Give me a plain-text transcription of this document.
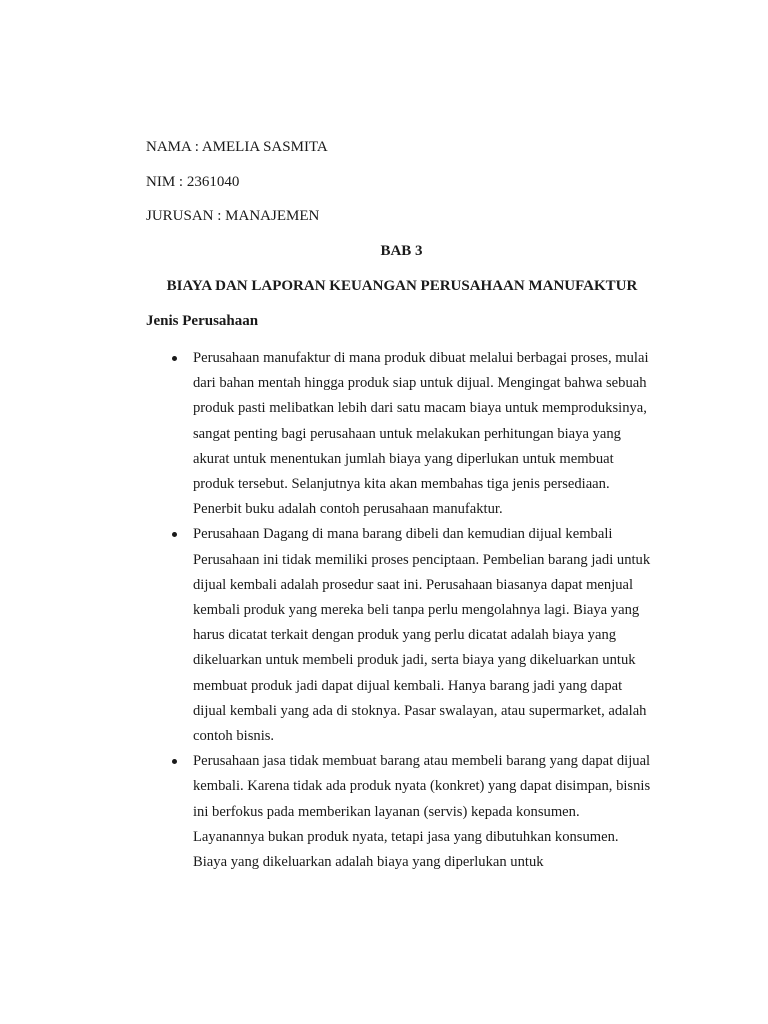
NAMA : AMELIA SASMITA

NIM : 2361040

JURUSAN : MANAJEMEN

BAB 3

BIAYA DAN LAPORAN KEUANGAN PERUSAHAAN MANUFAKTUR

Jenis Perusahaan

Perusahaan manufaktur di mana produk dibuat melalui berbagai proses, mulai dari bahan mentah hingga produk siap untuk dijual. Mengingat bahwa sebuah produk pasti melibatkan lebih dari satu macam biaya untuk memproduksinya, sangat penting bagi perusahaan untuk melakukan perhitungan biaya yang akurat untuk menentukan jumlah biaya yang diperlukan untuk membuat produk tersebut. Selanjutnya kita akan membahas tiga jenis persediaan. Penerbit buku adalah contoh perusahaan manufaktur.
Perusahaan Dagang di mana barang dibeli dan kemudian dijual kembali Perusahaan ini tidak memiliki proses penciptaan. Pembelian barang jadi untuk dijual kembali adalah prosedur saat ini. Perusahaan biasanya dapat menjual kembali produk yang mereka beli tanpa perlu mengolahnya lagi. Biaya yang harus dicatat terkait dengan produk yang perlu dicatat adalah biaya yang dikeluarkan untuk membeli produk jadi, serta biaya yang dikeluarkan untuk membuat produk jadi dapat dijual kembali. Hanya barang jadi yang dapat dijual kembali yang ada di stoknya. Pasar swalayan, atau supermarket, adalah contoh bisnis.
Perusahaan jasa tidak membuat barang atau membeli barang yang dapat dijual kembali. Karena tidak ada produk nyata (konkret) yang dapat disimpan, bisnis ini berfokus pada memberikan layanan (servis) kepada konsumen. Layanannya bukan produk nyata, tetapi jasa yang dibutuhkan konsumen. Biaya yang dikeluarkan adalah biaya yang diperlukan untuk
